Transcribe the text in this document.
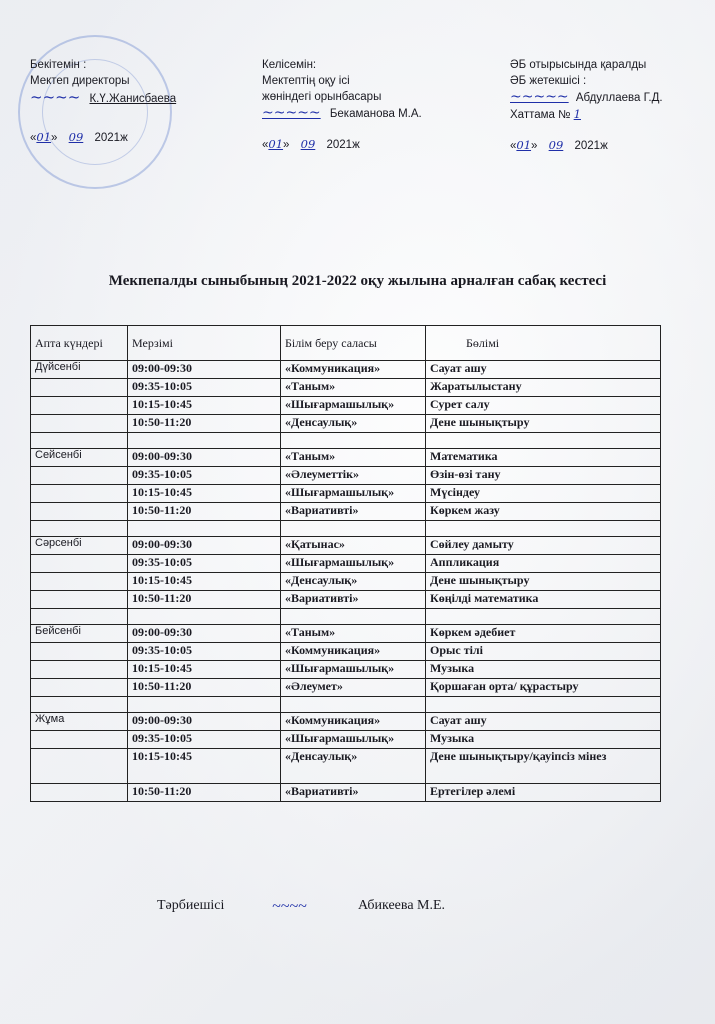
Бекітемін :
Мектеп директоры
~~~~ К.Ү.Жанисбаева
«01» 09 2021ж
Келісемін:
Мектептің оқу ісі
жөніндегі орынбасары
~~~~~ Бекаманова М.А.
«01» 09 2021ж
ӘБ отырысында қаралды
ӘБ жетекшісі :
~~~~~ Абдуллаева Г.Д.
Хаттама № 1
«01» 09 2021ж
Мекпепалды сыныбының 2021-2022 оқу жылына арналған сабақ кестесі
Апта күндері	Мерзімі	Білім беру саласы	Бөлімі
Дүйсенбі	09:00-09:30	«Коммуникация»	Сауат ашу
	09:35-10:05	«Таным»	Жаратылыстану
	10:15-10:45	«Шығармашылық»	Сурет салу
	10:50-11:20	«Денсаулық»	Дене шынықтыру

Сейсенбі	09:00-09:30	«Таным»	Математика
	09:35-10:05	«Әлеуметтік»	Өзін-өзі тану
	10:15-10:45	«Шығармашылық»	Мүсіндеу
	10:50-11:20	«Вариативті»	Көркем жазу

Сәрсенбі	09:00-09:30	«Қатынас»	Сөйлеу дамыту
	09:35-10:05	«Шығармашылық»	Аппликация
	10:15-10:45	«Денсаулық»	Дене шынықтыру
	10:50-11:20	«Вариативті»	Көңілді математика

Бейсенбі	09:00-09:30	«Таным»	Көркем әдебиет
	09:35-10:05	«Коммуникация»	Орыс тілі
	10:15-10:45	«Шығармашылық»	Музыка
	10:50-11:20	«Әлеумет»	Қоршаған орта/ құрастыру

Жұма	09:00-09:30	«Коммуникация»	Сауат ашу
	09:35-10:05	«Шығармашылық»	Музыка
	10:15-10:45	«Денсаулық»	Дене шынықтыру/қауіпсіз мінез
	10:50-11:20	«Вариативті»	Ертегілер әлемі
Тәрбиешісі	~~~~	Абикеева М.Е.
